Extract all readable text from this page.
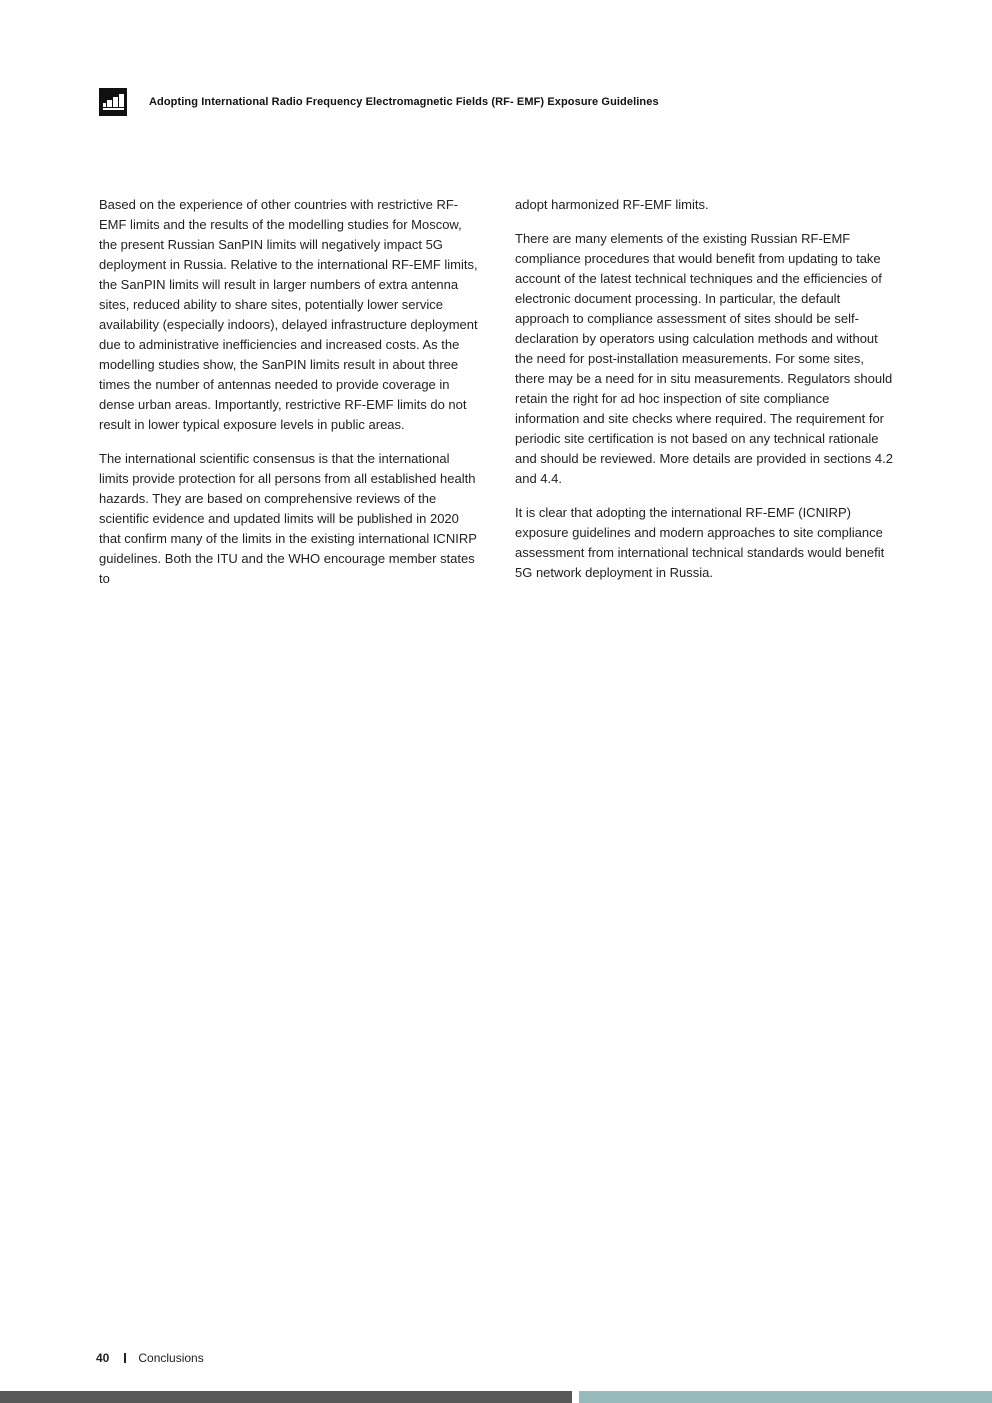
Adopting International Radio Frequency Electromagnetic Fields (RF- EMF) Exposure Guidelines

Based on the experience of other countries with restrictive RF-EMF limits and the results of the modelling studies for Moscow, the present Russian SanPIN limits will negatively impact 5G deployment in Russia. Relative to the international RF-EMF limits, the SanPIN limits will result in larger numbers of extra antenna sites, reduced ability to share sites, potentially lower service availability (especially indoors), delayed infrastructure deployment due to administrative inefficiencies and increased costs. As the modelling studies show, the SanPIN limits result in about three times the number of antennas needed to provide coverage in dense urban areas. Importantly, restrictive RF-EMF limits do not result in lower typical exposure levels in public areas.

The international scientific consensus is that the international limits provide protection for all persons from all established health hazards. They are based on comprehensive reviews of the scientific evidence and updated limits will be published in 2020 that confirm many of the limits in the existing international ICNIRP guidelines. Both the ITU and the WHO encourage member states to

adopt harmonized RF-EMF limits.

There are many elements of the existing Russian RF-EMF compliance procedures that would benefit from updating to take account of the latest technical techniques and the efficiencies of electronic document processing. In particular, the default approach to compliance assessment of sites should be self-declaration by operators using calculation methods and without the need for post-installation measurements. For some sites, there may be a need for in situ measurements. Regulators should retain the right for ad hoc inspection of site compliance information and site checks where required. The requirement for periodic site certification is not based on any technical rationale and should be reviewed. More details are provided in sections 4.2 and 4.4.

It is clear that adopting the international RF-EMF (ICNIRP) exposure guidelines and modern approaches to site compliance assessment from international technical standards would benefit 5G network deployment in Russia.

40 Conclusions
